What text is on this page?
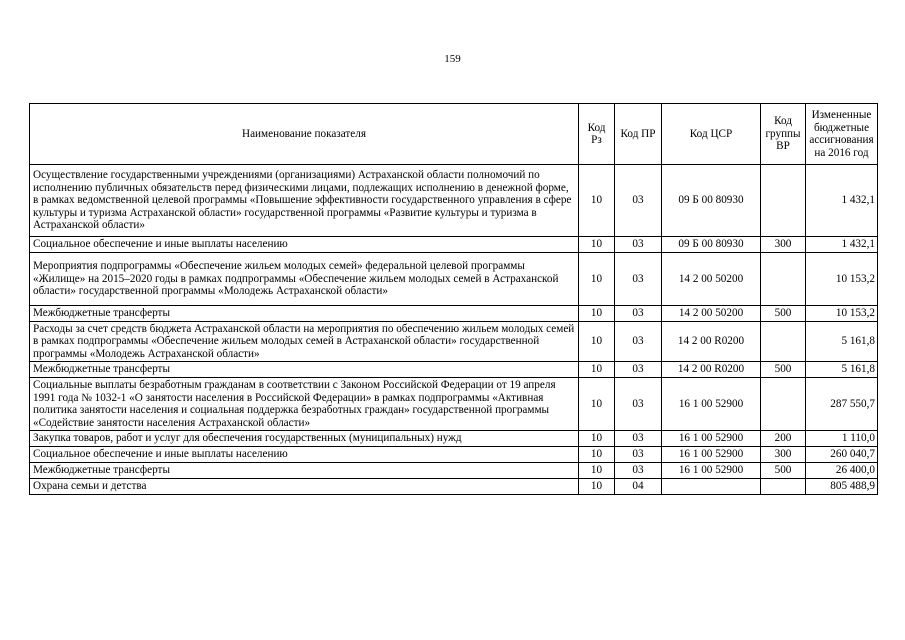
159
Наименование показателя	Код Рз	Код ПР	Код ЦСР	Код группы ВР	Измененные бюджетные ассигнования на 2016 год
Осуществление государственными учреждениями (организациями) Астраханской области полномочий по исполнению публичных обязательств перед физическими лицами, подлежащих исполнению в денежной форме, в рамках ведомственной целевой программы «Повышение эффективности государственного управления в сфере культуры и туризма Астраханской области» государственной программы «Развитие культуры и туризма в Астраханской области»	10	03	09 Б 00 80930		1 432,1
Социальное обеспечение и иные выплаты населению	10	03	09 Б 00 80930	300	1 432,1
Мероприятия подпрограммы «Обеспечение жильем молодых семей» федеральной целевой программы «Жилище» на 2015–2020 годы в рамках подпрограммы «Обеспечение жильем молодых семей в Астраханской области» государственной программы «Молодежь Астраханской области»	10	03	14 2 00 50200		10 153,2
Межбюджетные трансферты	10	03	14 2 00 50200	500	10 153,2
Расходы за счет средств бюджета Астраханской области на мероприятия по обеспечению жильем молодых семей в рамках подпрограммы «Обеспечение жильем молодых семей в Астраханской области» государственной программы «Молодежь Астраханской области»	10	03	14 2 00 R0200		5 161,8
Межбюджетные трансферты	10	03	14 2 00 R0200	500	5 161,8
Социальные выплаты безработным гражданам в соответствии с Законом Российской Федерации от 19 апреля 1991 года № 1032-1 «О занятости населения в Российской Федерации» в рамках подпрограммы «Активная политика занятости населения и социальная поддержка безработных граждан» государственной программы «Содействие занятости населения Астраханской области»	10	03	16 1 00 52900		287 550,7
Закупка товаров, работ и услуг для обеспечения государственных (муниципальных) нужд	10	03	16 1 00 52900	200	1 110,0
Социальное обеспечение и иные выплаты населению	10	03	16 1 00 52900	300	260 040,7
Межбюджетные трансферты	10	03	16 1 00 52900	500	26 400,0
Охрана семьи и детства	10	04			805 488,9
